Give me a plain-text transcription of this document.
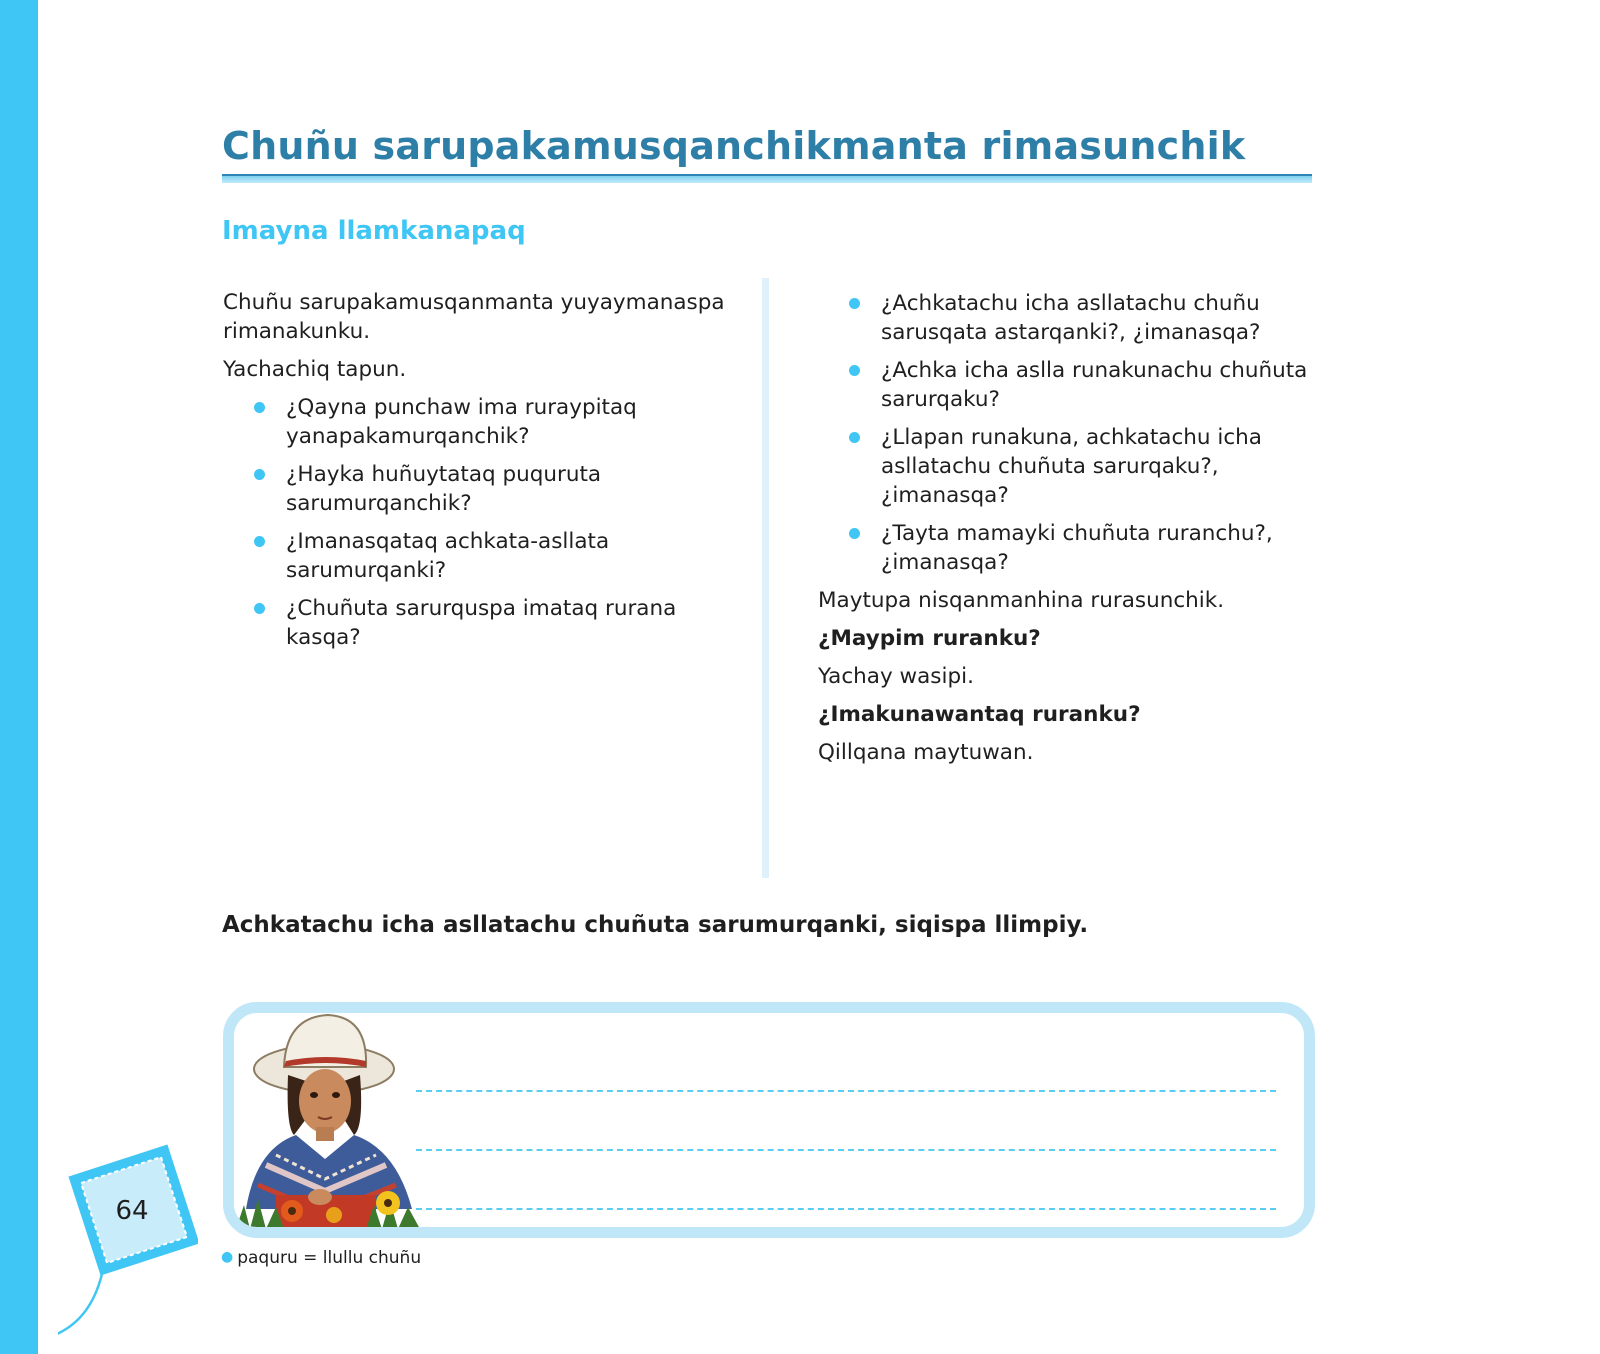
Chuñu sarupakamusqanchikmanta rimasunchik
Imayna llamkanapaq

Chuñu sarupakamusqanmanta yuyaymanaspa rimanakunku.

Yachachiq tapun.

¿Qayna punchaw ima ruraypitaq yanapakamurqanchik?
¿Hayka huñuytataq puquruta sarumurqanchik?
¿Imanasqataq achkata-asllata sarumurqanki?
¿Chuñuta sarurquspa imataq rurana kasqa?
¿Achkatachu icha asllatachu chuñu sarusqata astarqanki?, ¿imanasqa?
¿Achka icha aslla runakunachu chuñuta sarurqaku?
¿Llapan runakuna, achkatachu icha asllatachu chuñuta sarurqaku?, ¿imanasqa?
¿Tayta mamayki chuñuta ruranchu?, ¿imanasqa?

Maytupa nisqanmanhina rurasunchik.

¿Maypim ruranku?

Yachay wasipi.

¿Imakunawantaq ruranku?

Qillqana maytuwan.

Achkatachu icha asllatachu chuñuta sarumurqanki, siqispa llimpiy.

64

● paquru = llullu chuñu
